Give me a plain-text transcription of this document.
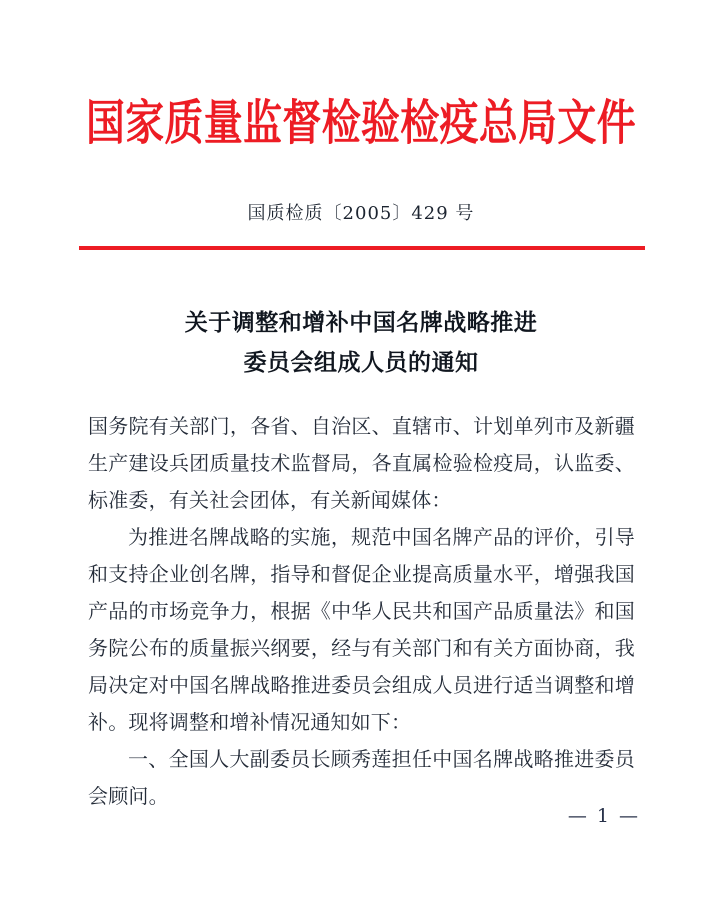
国家质量监督检验检疫总局文件
国质检质〔2005〕429 号
关于调整和增补中国名牌战略推进
委员会组成人员的通知

国务院有关部门，各省、自治区、直辖市、计划单列市及新疆生产建设兵团质量技术监督局，各直属检验检疫局，认监委、标准委，有关社会团体，有关新闻媒体：

为推进名牌战略的实施，规范中国名牌产品的评价，引导和支持企业创名牌，指导和督促企业提高质量水平，增强我国产品的市场竞争力，根据《中华人民共和国产品质量法》和国务院公布的质量振兴纲要，经与有关部门和有关方面协商，我局决定对中国名牌战略推进委员会组成人员进行适当调整和增补。现将调整和增补情况通知如下：

一、全国人大副委员长顾秀莲担任中国名牌战略推进委员会顾问。

— 1 —
